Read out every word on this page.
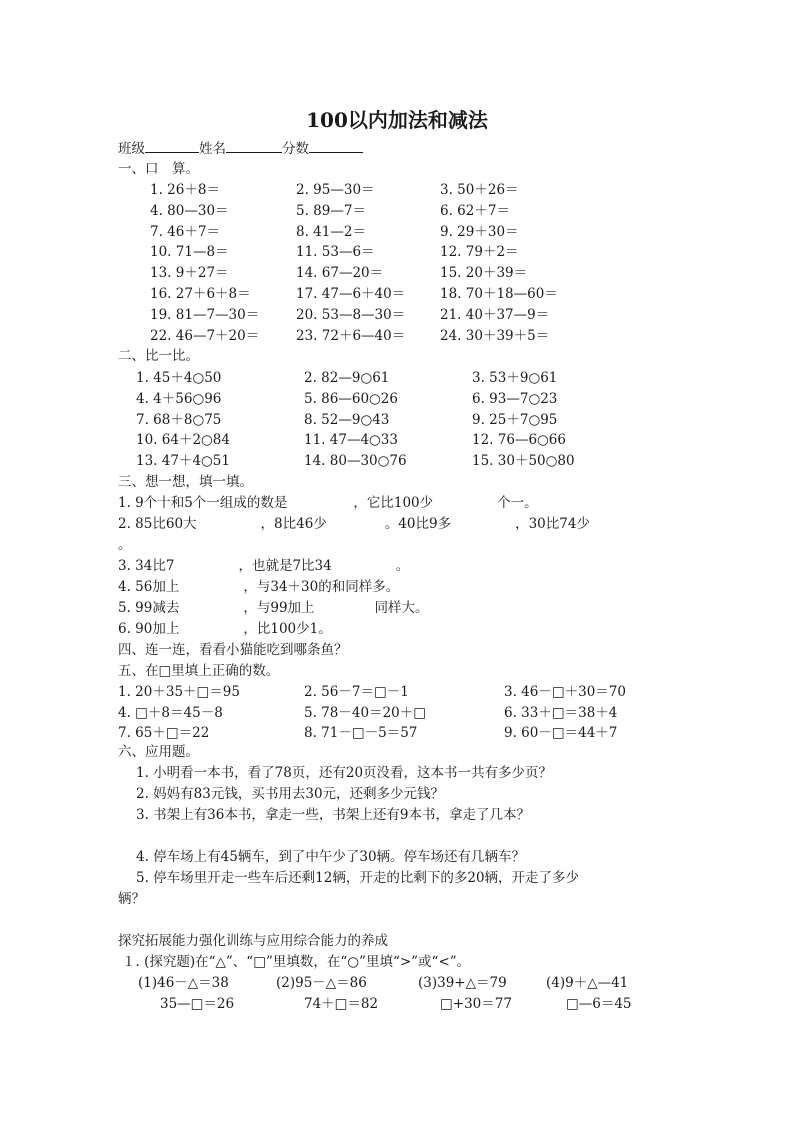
100以内加法和减法
班级	姓名	分数
一、口　算。
1. 26＋8＝	2. 95—30＝	3. 50＋26＝
4. 80—30＝	5. 89—7＝	6. 62＋7＝
7. 46＋7＝	8. 41—2＝	9. 29＋30＝
10. 71—8＝	11. 53—6＝	12. 79＋2＝
13. 9＋27＝	14. 67—20＝	15. 20＋39＝
16. 27＋6＋8＝	17. 47—6＋40＝	18. 70＋18—60＝
19. 81—7—30＝	20. 53—8—30＝	21. 40＋37—9＝
22. 46—7＋20＝	23. 72＋6—40＝	24. 30＋39＋5＝
二、比一比。
1. 45＋4○50	2. 82—9○61	3. 53＋9○61
4. 4＋56○96	5. 86—60○26	6. 93—7○23
7. 68＋8○75	8. 52—9○43	9. 25＋7○95
10. 64＋2○84	11. 47—4○33	12. 76—6○66
13. 47＋4○51	14. 80—30○76	15. 30＋50○80
三、想一想，填一填。
1. 9个十和5个一组成的数是	，它比100少	个一。
2. 85比60大	，8比46少	。40比9多	，30比74少
。
3. 34比7	，也就是7比34	。
4. 56加上	，与34＋30的和同样多。
5. 99减去	，与99加上	同样大。
6. 90加上	，比100少1。
四、连一连，看看小猫能吃到哪条鱼？
五、在□里填上正确的数。
1. 20＋35＋□＝95	2. 56－7＝□－1	3. 46－□＋30＝70
4. □＋8＝45－8	5. 78－40＝20＋□	6. 33＋□＝38＋4
7. 65＋□＝22	8. 71－□－5＝57	9. 60－□＝44＋7
六、应用题。
1. 小明看一本书，看了78页，还有20页没看，这本书一共有多少页？
2. 妈妈有83元钱，买书用去30元，还剩多少元钱？
3. 书架上有36本书，拿走一些，书架上还有9本书，拿走了几本？
4. 停车场上有45辆车，到了中午少了30辆。停车场还有几辆车？
5. 停车场里开走一些车后还剩12辆，开走的比剩下的多20辆，开走了多少
辆？
探究拓展能力强化训练与应用综合能力的养成
１. (探究题)在“△”、“□”里填数，在“○”里填“>”或“<”。
(1)46－△＝38	(2)95－△＝86	(3)39+△＝79	(4)9＋△—41
35—□＝26	74＋□＝82	□+30＝77	□—6＝45
